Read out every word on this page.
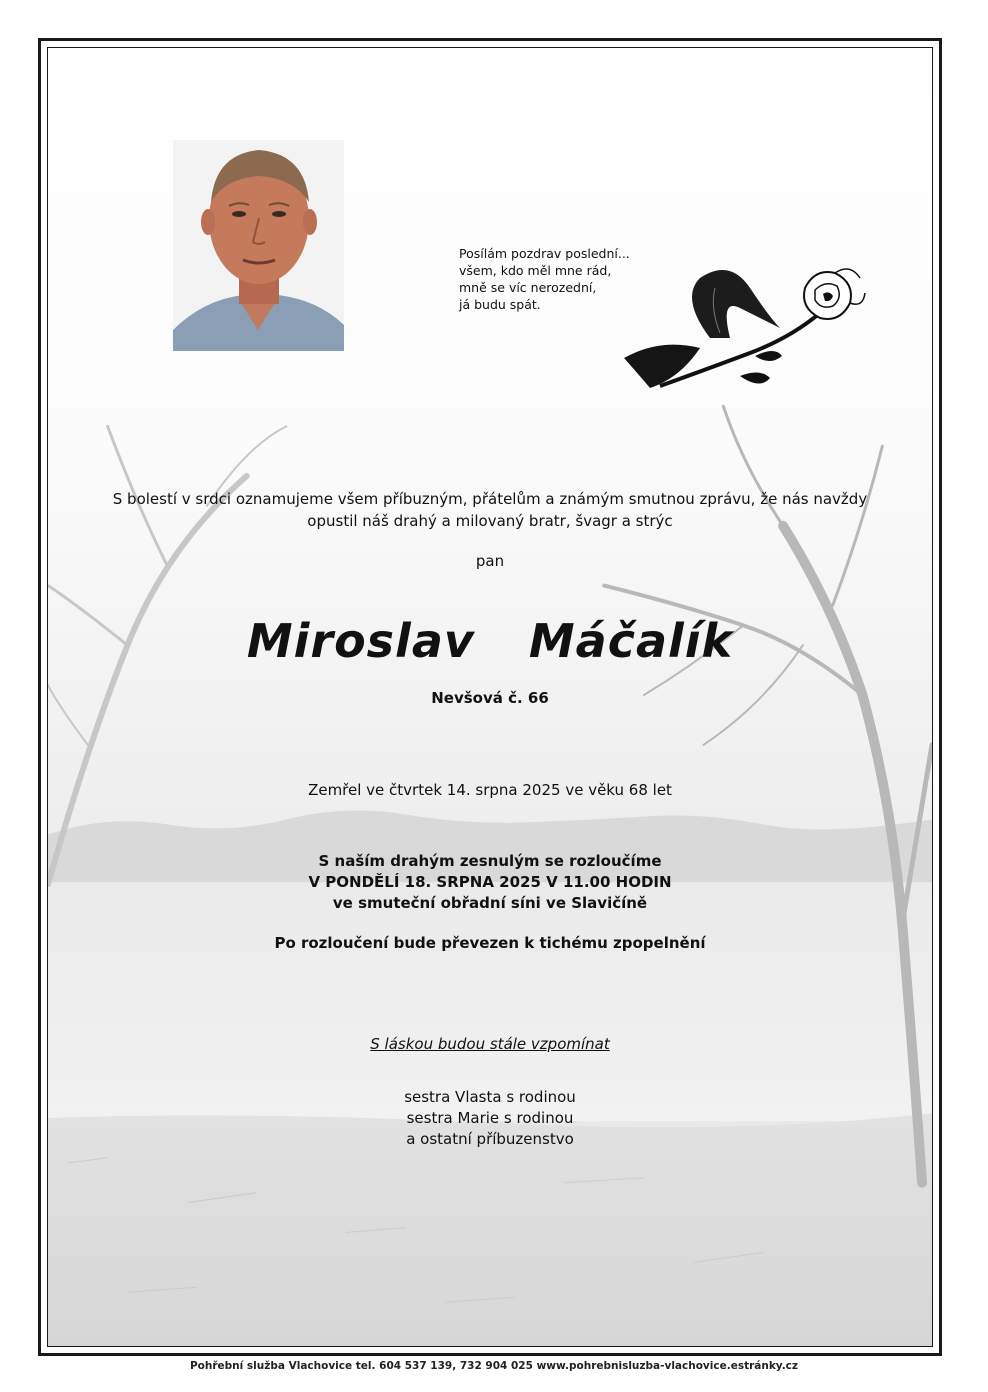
Posílám pozdrav poslední...
všem, kdo měl mne rád,
mně se víc nerozední,
já budu spát.
S bolestí v srdci oznamujeme všem příbuzným, přátelům a známým smutnou zprávu, že nás navždy
opustil náš drahý a milovaný bratr, švagr a strýc
pan
Miroslav  Máčalík
Nevšová č. 66
Zemřel ve čtvrtek 14. srpna 2025 ve věku 68 let
S naším drahým zesnulým se rozloučíme
V PONDĚLÍ 18. SRPNA 2025 V 11.00 HODIN
ve smuteční obřadní síni ve Slavičíně
Po rozloučení bude převezen k tichému zpopelnění
S láskou budou stále vzpomínat
sestra Vlasta s rodinou
sestra Marie s rodinou
a ostatní příbuzenstvo
Pohřební služba Vlachovice tel. 604 537 139, 732 904 025 www.pohrebnisluzba-vlachovice.estránky.cz
